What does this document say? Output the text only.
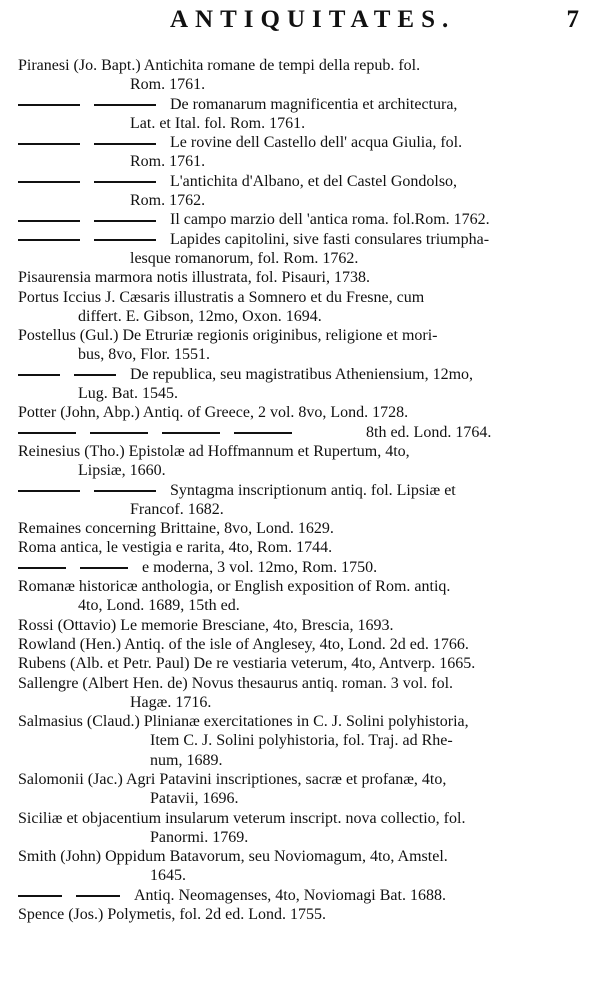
ANTIQUITATES.	7
Piranesi (Jo. Bapt.) Antichita romane de tempi della repub. fol.
Rom. 1761.
De romanarum magnificentia et architectura,
Lat. et Ital. fol. Rom. 1761.
Le rovine dell Castello dell' acqua Giulia, fol.
Rom. 1761.
L'antichita d'Albano, et del Castel Gondolso,
Rom. 1762.
Il campo marzio dell 'antica roma. fol.Rom. 1762.
Lapides capitolini, sive fasti consulares triumpha-
lesque romanorum, fol. Rom. 1762.
Pisaurensia marmora notis illustrata, fol. Pisauri, 1738.
Portus Iccius J. Cæsaris illustratis a Somnero et du Fresne, cum
differt. E. Gibson, 12mo, Oxon. 1694.
Postellus (Gul.) De Etruriæ regionis originibus, religione et mori-
bus, 8vo, Flor. 1551.
De republica, seu magistratibus Atheniensium, 12mo,
Lug. Bat. 1545.
Potter (John, Abp.) Antiq. of Greece, 2 vol. 8vo, Lond. 1728.
8th ed. Lond. 1764.
Reinesius (Tho.) Epistolæ ad Hoffmannum et Rupertum, 4to,
Lipsiæ, 1660.
Syntagma inscriptionum antiq. fol. Lipsiæ et
Francof. 1682.
Remaines concerning Brittaine, 8vo, Lond. 1629.
Roma antica, le vestigia e rarita, 4to, Rom. 1744.
e moderna, 3 vol. 12mo, Rom. 1750.
Romanæ historicæ anthologia, or English exposition of Rom. antiq.
4to, Lond. 1689, 15th ed.
Rossi (Ottavio) Le memorie Bresciane, 4to, Brescia, 1693.
Rowland (Hen.) Antiq. of the isle of Anglesey, 4to, Lond. 2d ed. 1766.
Rubens (Alb. et Petr. Paul) De re vestiaria veterum, 4to, Antverp. 1665.
Sallengre (Albert Hen. de) Novus thesaurus antiq. roman. 3 vol. fol.
Hagæ. 1716.
Salmasius (Claud.) Plinianæ exercitationes in C. J. Solini polyhistoria,
Item C. J. Solini polyhistoria, fol. Traj. ad Rhe-
num, 1689.
Salomonii (Jac.) Agri Patavini inscriptiones, sacræ et profanæ, 4to,
Patavii, 1696.
Siciliæ et objacentium insularum veterum inscript. nova collectio, fol.
Panormi. 1769.
Smith (John) Oppidum Batavorum, seu Noviomagum, 4to, Amstel.
1645.
Antiq. Neomagenses, 4to, Noviomagi Bat. 1688.
Spence (Jos.) Polymetis, fol. 2d ed. Lond. 1755.
